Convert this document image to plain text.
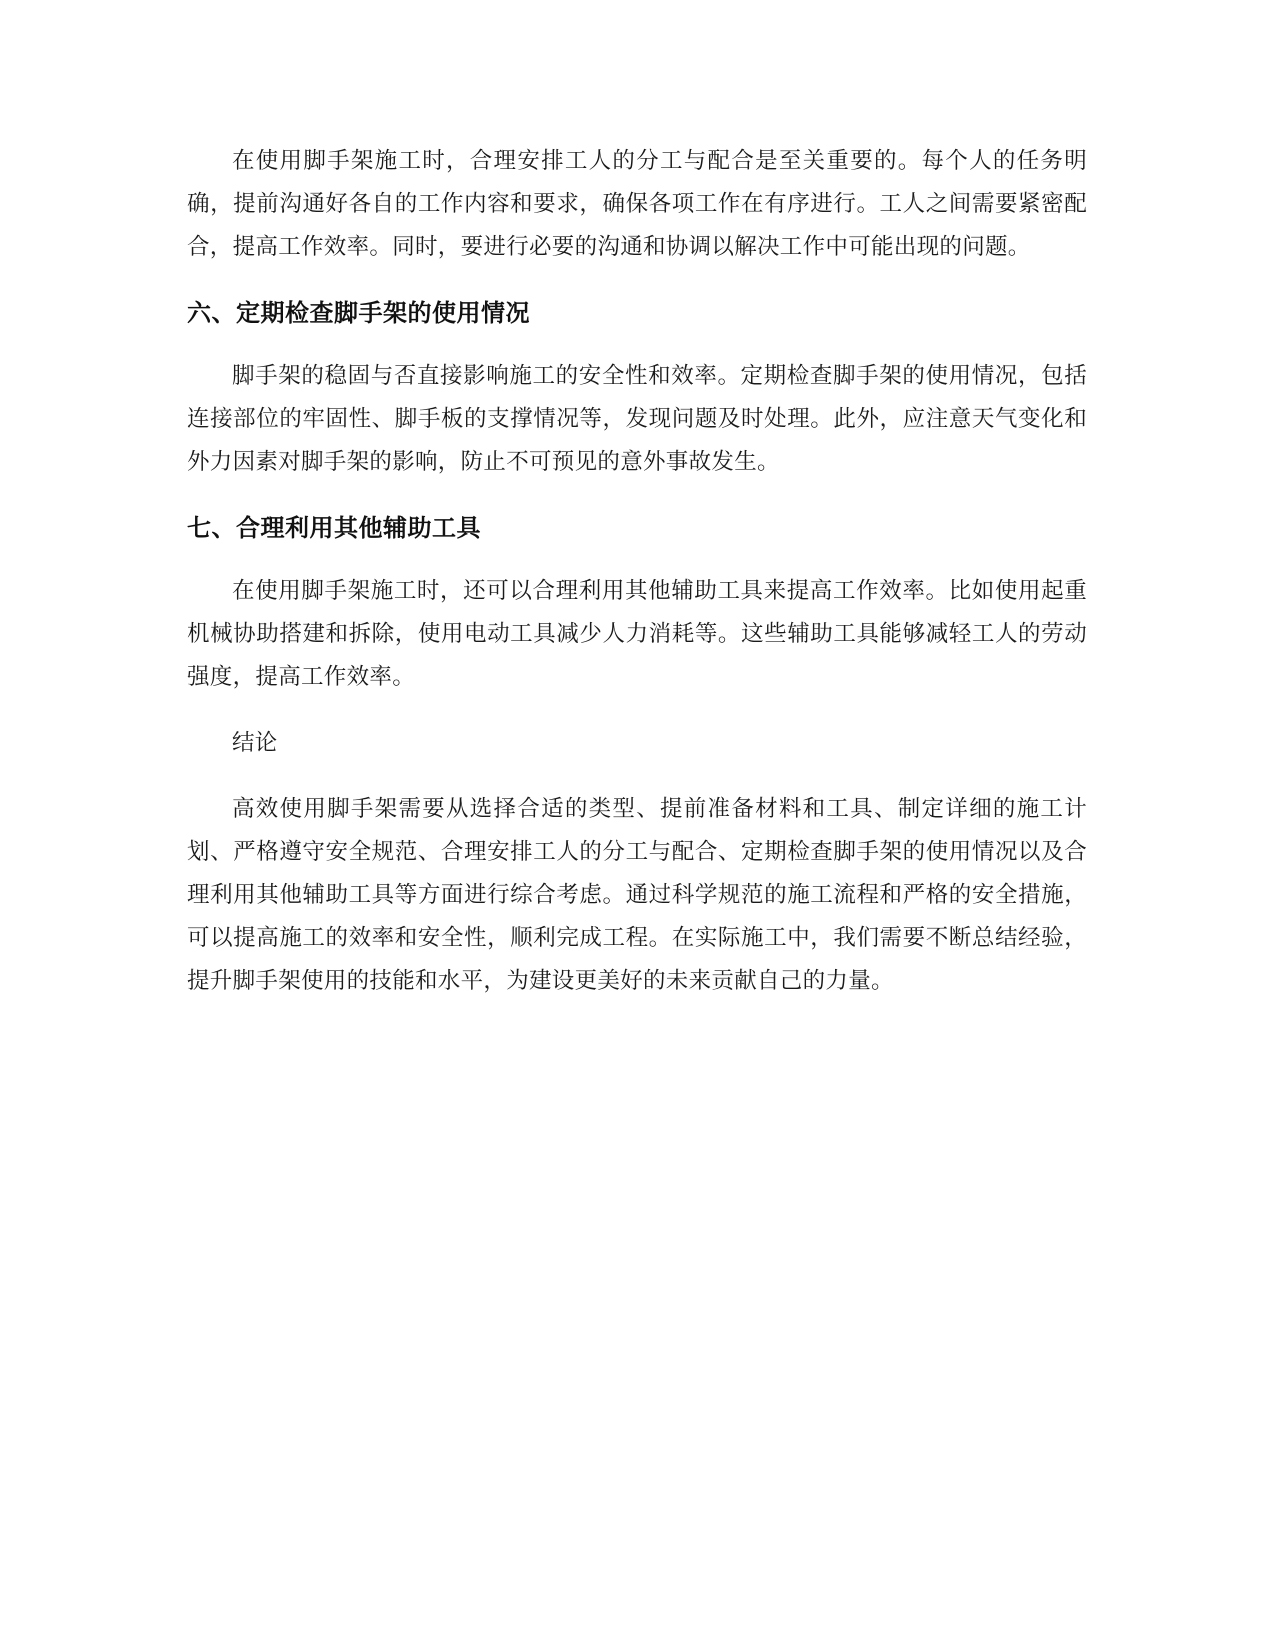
在使用脚手架施工时，合理安排工人的分工与配合是至关重要的。每个人的任务明确，提前沟通好各自的工作内容和要求，确保各项工作在有序进行。工人之间需要紧密配合，提高工作效率。同时，要进行必要的沟通和协调以解决工作中可能出现的问题。

六、定期检查脚手架的使用情况

脚手架的稳固与否直接影响施工的安全性和效率。定期检查脚手架的使用情况，包括连接部位的牢固性、脚手板的支撑情况等，发现问题及时处理。此外，应注意天气变化和外力因素对脚手架的影响，防止不可预见的意外事故发生。

七、合理利用其他辅助工具

在使用脚手架施工时，还可以合理利用其他辅助工具来提高工作效率。比如使用起重机械协助搭建和拆除，使用电动工具减少人力消耗等。这些辅助工具能够减轻工人的劳动强度，提高工作效率。

结论

高效使用脚手架需要从选择合适的类型、提前准备材料和工具、制定详细的施工计划、严格遵守安全规范、合理安排工人的分工与配合、定期检查脚手架的使用情况以及合理利用其他辅助工具等方面进行综合考虑。通过科学规范的施工流程和严格的安全措施，可以提高施工的效率和安全性，顺利完成工程。在实际施工中，我们需要不断总结经验，提升脚手架使用的技能和水平，为建设更美好的未来贡献自己的力量。
